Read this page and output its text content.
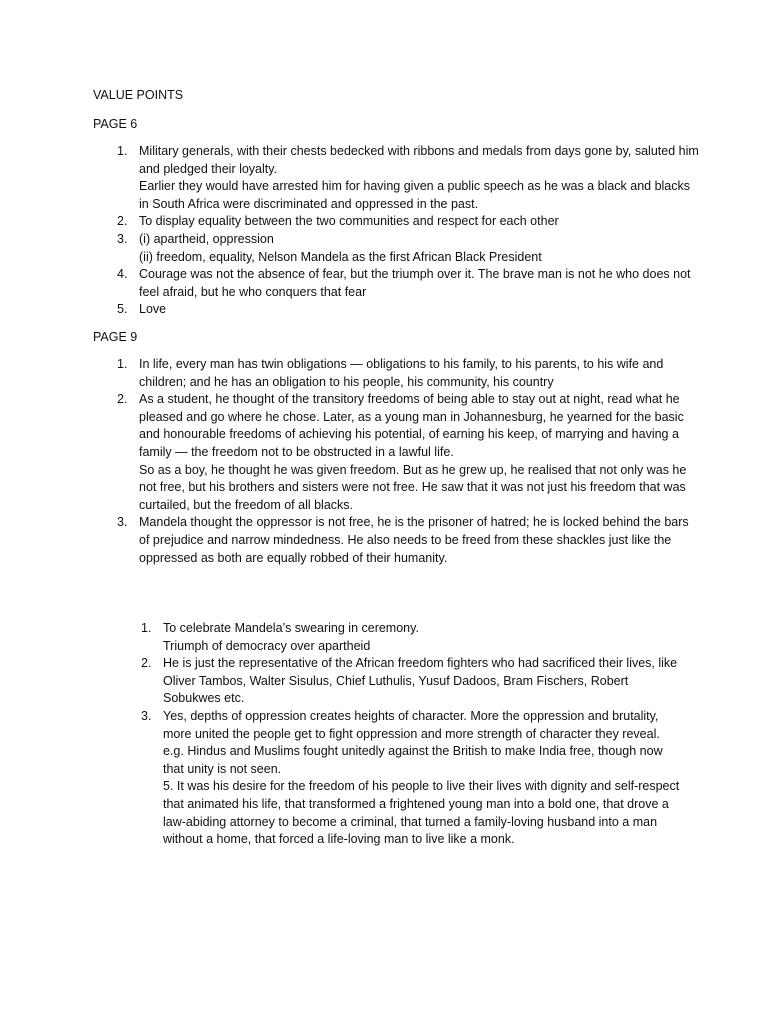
VALUE POINTS
PAGE 6
1. Military generals, with their chests bedecked with ribbons and medals from days gone by, saluted him and pledged their loyalty.

Earlier they would have arrested him for having given a public speech as he was a black and blacks in South Africa were discriminated and oppressed in the past.

2. To display equality between the two communities and respect for each other

3. (i) apartheid, oppression

(ii) freedom, equality, Nelson Mandela as the first African Black President

4. Courage was not the absence of fear, but the triumph over it. The brave man is not he who does not feel afraid, but he who conquers that fear

5. Love

PAGE 9
1. In life, every man has twin obligations — obligations to his family, to his parents, to his wife and children; and he has an obligation to his people, his community, his country

2. As a student, he thought of the transitory freedoms of being able to stay out at night, read what he pleased and go where he chose. Later, as a young man in Johannesburg, he yearned for the basic and honourable freedoms of achieving his potential, of earning his keep, of marrying and having a family — the freedom not to be obstructed in a lawful life.

So as a boy, he thought he was given freedom. But as he grew up, he realised that not only was he not free, but his brothers and sisters were not free. He saw that it was not just his freedom that was curtailed, but the freedom of all blacks.

3. Mandela thought the oppressor is not free, he is the prisoner of hatred; he is locked behind the bars of prejudice and narrow mindedness. He also needs to be freed from these shackles just like the oppressed as both are equally robbed of their humanity.

1. To celebrate Mandela’s swearing in ceremony.

Triumph of democracy over apartheid

2. He is just the representative of the African freedom fighters who had sacrificed their lives, like Oliver Tambos, Walter Sisulus, Chief Luthulis, Yusuf Dadoos, Bram Fischers, Robert Sobukwes etc.

3. Yes, depths of oppression creates heights of character. More the oppression and brutality, more united the people get to fight oppression and more strength of character they reveal.

e.g. Hindus and Muslims fought unitedly against the British to make India free, though now that unity is not seen.

5. It was his desire for the freedom of his people to live their lives with dignity and self-respect that animated his life, that transformed a frightened young man into a bold one, that drove a law-abiding attorney to become a criminal, that turned a family-loving husband into a man without a home, that forced a life-loving man to live like a monk.
